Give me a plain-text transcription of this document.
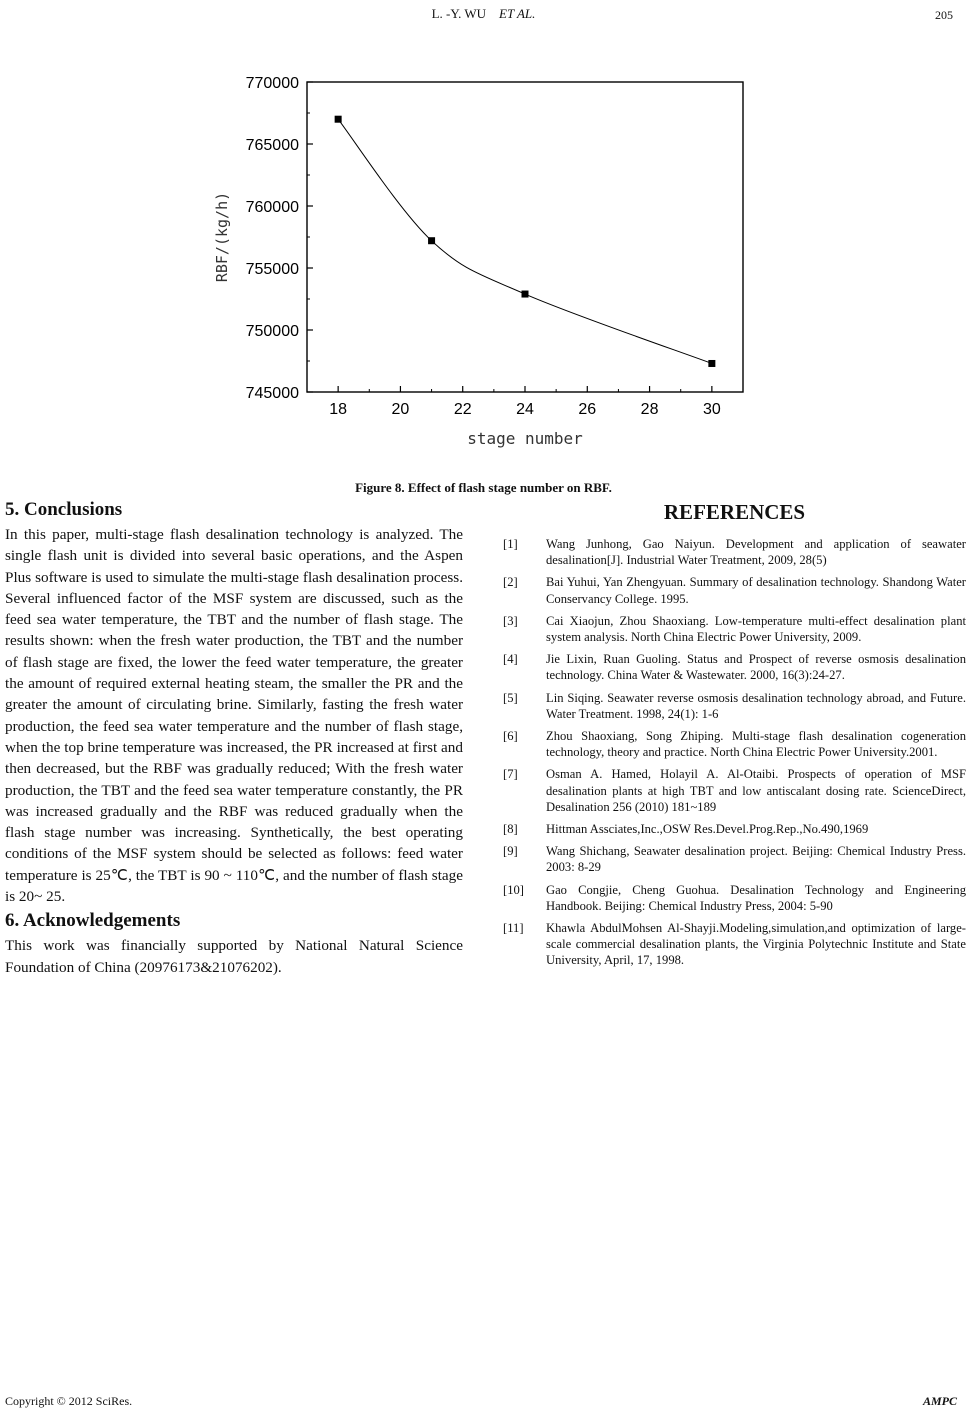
L. -Y. WU ET AL.	205
745000
750000
755000
760000
765000
770000
18	20	22	24	26	28	30
stage number
RBF/(kg/h)
Figure 8. Effect of flash stage number on RBF.
5. Conclusions

In this paper, multi-stage flash desalination technology is analyzed. The single flash unit is divided into several basic operations, and the Aspen Plus software is used to simulate the multi-stage flash desalination process. Several influenced factor of the MSF system are discussed, such as the feed sea water temperature, the TBT and the number of flash stage. The results shown: when the fresh water production, the TBT and the number of flash stage are fixed, the lower the feed water temperature, the greater the amount of required external heating steam, the smaller the PR and the greater the amount of circulating brine. Similarly, fasting the fresh water production, the feed sea water temperature and the number of flash stage, when the top brine temperature was increased, the PR increased at first and then decreased, but the RBF was gradually reduced; With the fresh water production, the TBT and the feed sea water temperature constantly, the PR was increased gradually and the RBF was reduced gradually when the flash stage number was increasing. Synthetically, the best operating conditions of the MSF system should be selected as follows: feed water temperature is 25℃, the TBT is 90 ~ 110℃, and the number of flash stage is 20~ 25.

6. Acknowledgements

This work was financially supported by National Natural Science Foundation of China (20976173&21076202).

REFERENCES
[1]	Wang Junhong, Gao Naiyun. Development and application of seawater desalination[J]. Industrial Water Treatment, 2009, 28(5)
[2]	Bai Yuhui, Yan Zhengyuan. Summary of desalination technology. Shandong Water Conservancy College. 1995.
[3]	Cai Xiaojun, Zhou Shaoxiang. Low-temperature multi-effect desalination plant system analysis. North China Electric Power University, 2009.
[4]	Jie Lixin, Ruan Guoling. Status and Prospect of reverse osmosis desalination technology. China Water & Wastewater. 2000, 16(3):24-27.
[5]	Lin Siqing. Seawater reverse osmosis desalination technology abroad, and Future. Water Treatment. 1998, 24(1): 1-6
[6]	Zhou Shaoxiang, Song Zhiping. Multi-stage flash desalination cogeneration technology, theory and practice. North China Electric Power University.2001.
[7]	Osman A. Hamed, Holayil A. Al-Otaibi. Prospects of operation of MSF desalination plants at high TBT and low antiscalant dosing rate. ScienceDirect, Desalination 256 (2010) 181~189
[8]	Hittman Assciates,Inc.,OSW Res.Devel.Prog.Rep.,No.490,1969
[9]	Wang Shichang, Seawater desalination project. Beijing: Chemical Industry Press. 2003: 8-29
[10]	Gao Congjie, Cheng Guohua. Desalination Technology and Engineering Handbook. Beijing: Chemical Industry Press, 2004: 5-90
[11]	Khawla AbdulMohsen Al-Shayji.Modeling,simulation,and optimization of large-scale commercial desalination plants, the Virginia Polytechnic Institute and State University, April, 17, 1998.
Copyright © 2012 SciRes.	AMPC
